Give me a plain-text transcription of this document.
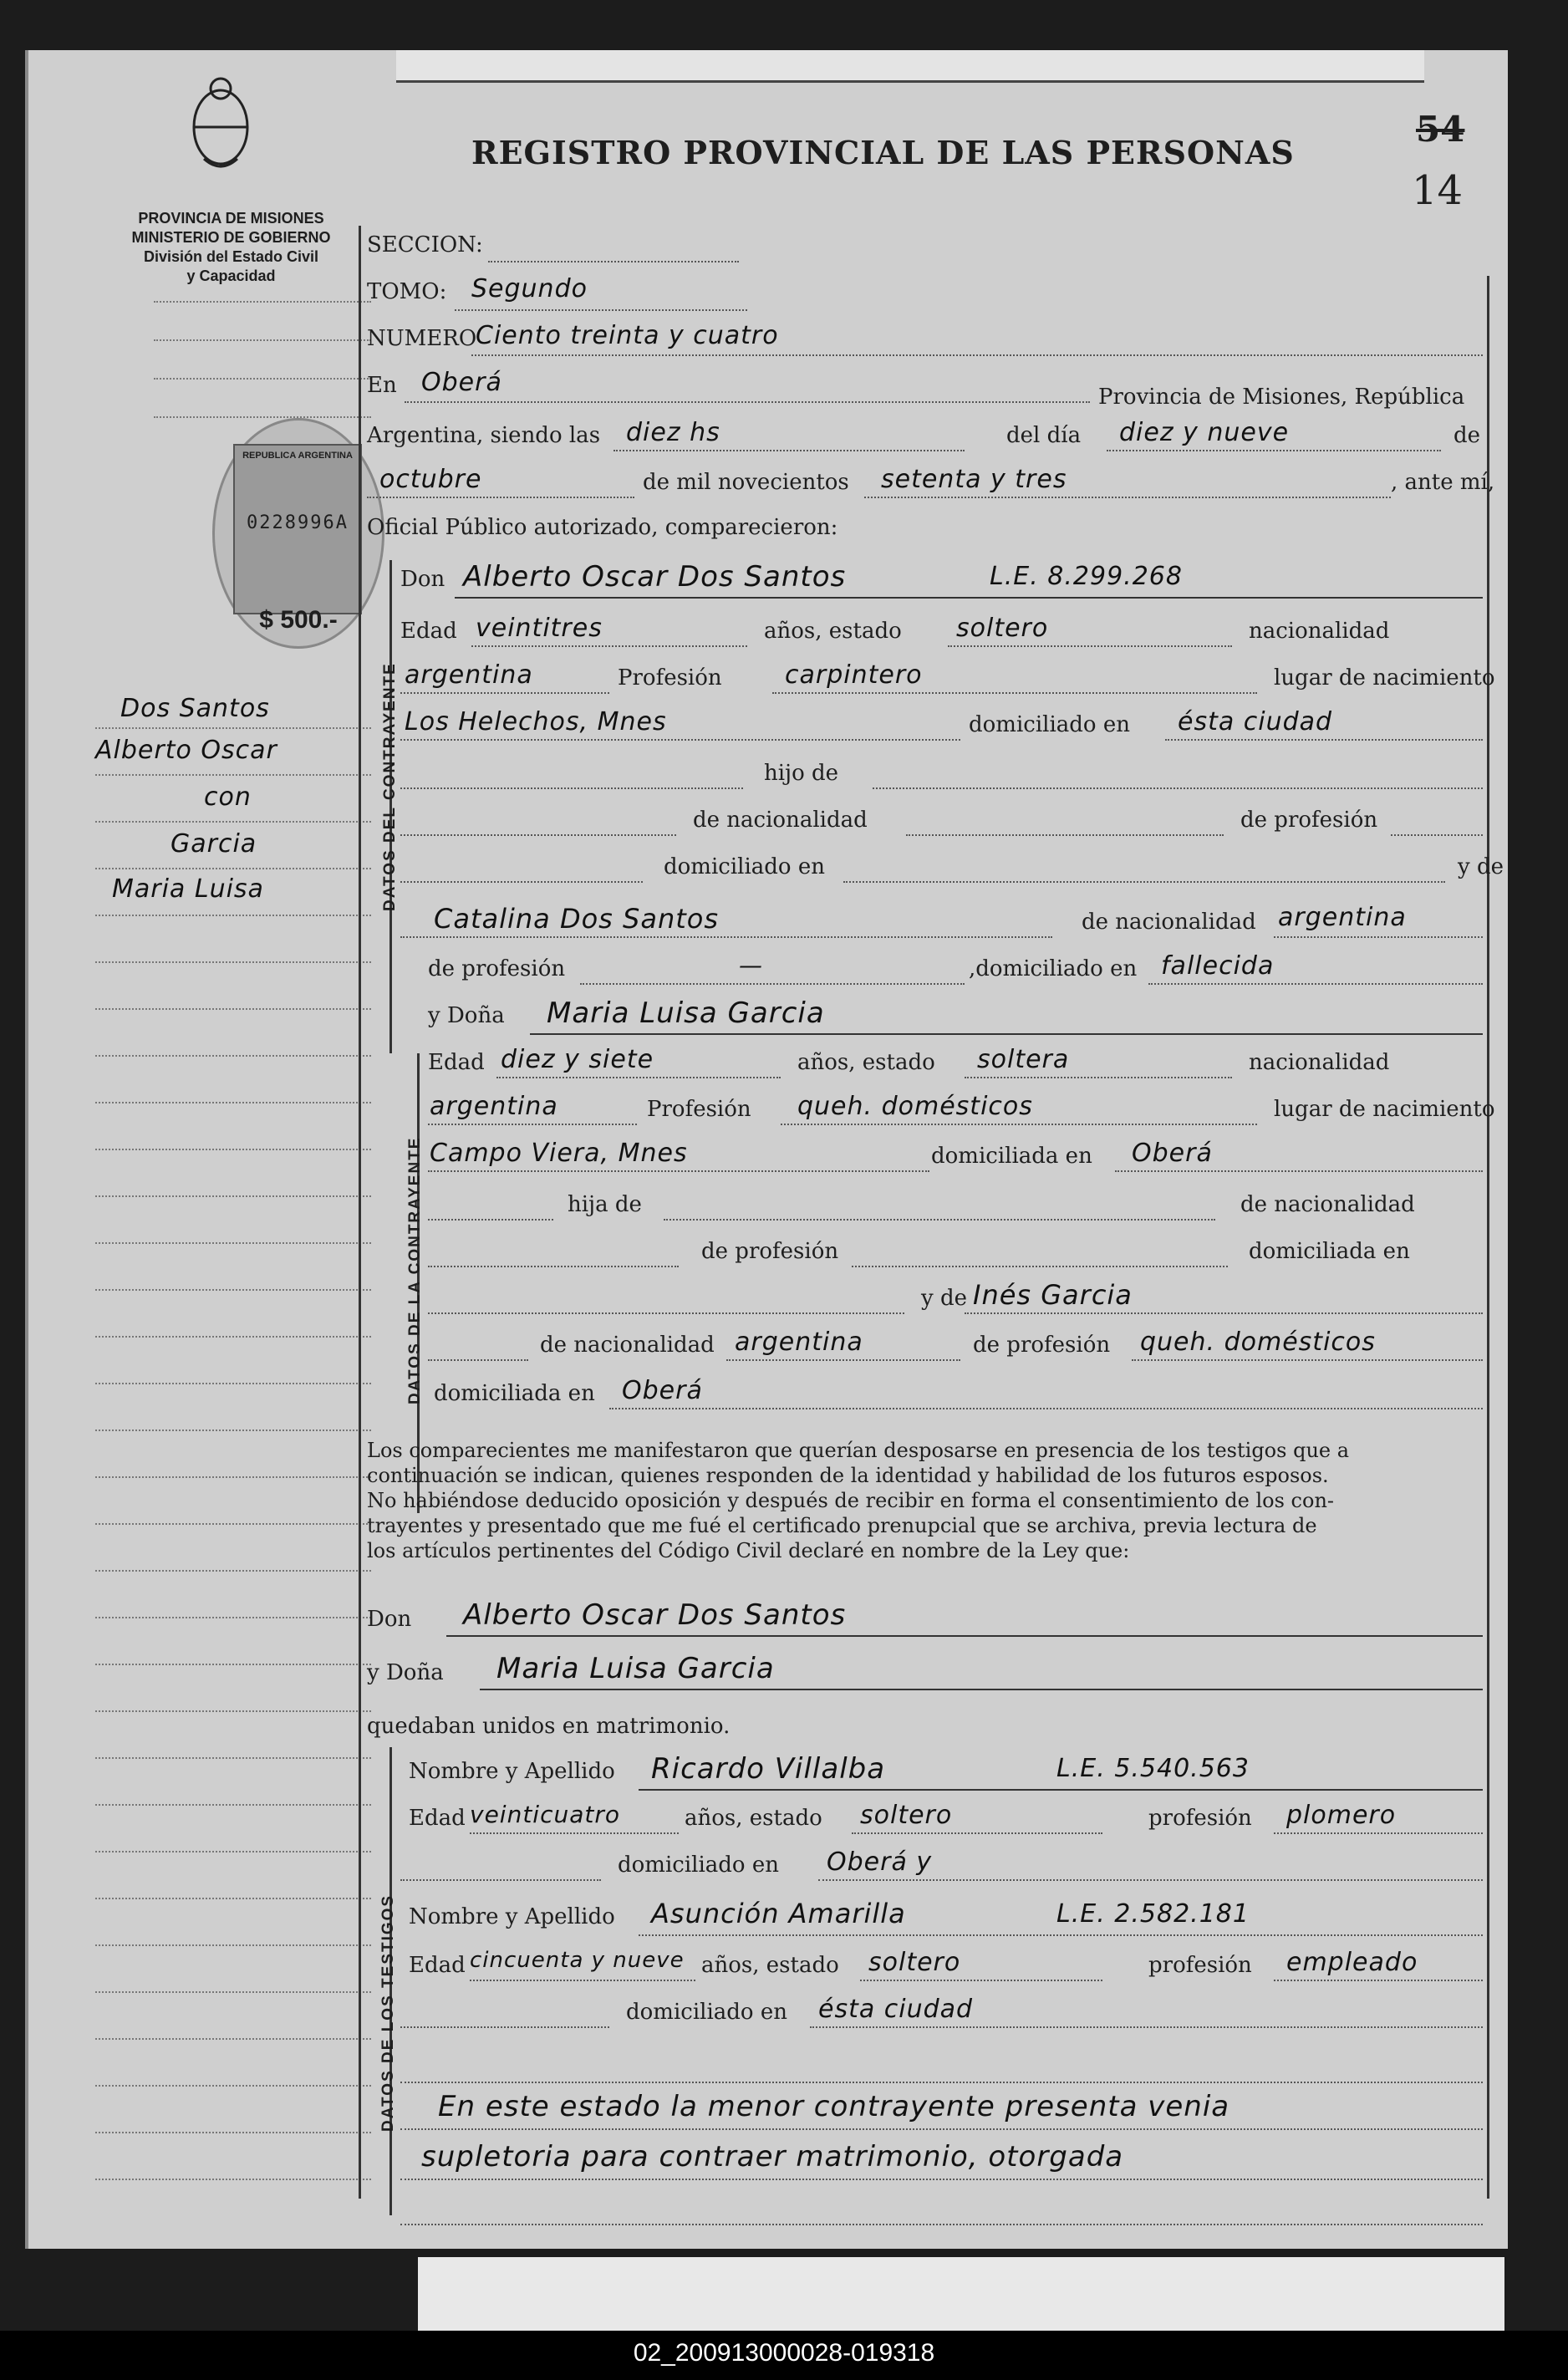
PROVINCIA DE MISIONES
MINISTERIO DE GOBIERNO
División del Estado Civil
y Capacidad
REPUBLICA ARGENTINA
0228996A
$ 500.-
Dos Santos
Alberto Oscar
con
Garcia
Maria Luisa
REGISTRO PROVINCIAL DE LAS PERSONAS
54
14
SECCION:
TOMO: Segundo
NUMERO
Ciento treinta y cuatro
En Oberá	Provincia de Misiones, República
Argentina, siendo las diez hs	del día diez y nueve	de
de mil novecientos
octubre	setenta y tres	, ante mí,
Oficial Público autorizado, comparecieron:
DATOS DEL CONTRAYENTE
Don Alberto Oscar Dos Santos	L.E. 8.299.268
Edad veintitres	años, estado soltero	nacionalidad
argentina	Profesión	carpintero	lugar de nacimiento
Los Helechos, Mnes	domiciliado en ésta ciudad
hijo de
de nacionalidad	de profesión
domiciliado en	y de
Catalina Dos Santos	de nacionalidad argentina
de profesión	—	,domiciliado en fallecida
y Doña Maria Luisa Garcia
DATOS DE LA CONTRAYENTE
Edad diez y siete	años, estado soltera	nacionalidad
argentina	Profesión queh. domésticos	lugar de nacimiento
Campo Viera, Mnes	domiciliada en Oberá
hija de	de nacionalidad
de profesión	domiciliada en
y de Inés Garcia
de nacionalidad argentina	de profesión queh. domésticos
domiciliada en Oberá
Los comparecientes me manifestaron que querían desposarse en presencia de los testigos que a
continuación se indican, quienes responden de la identidad y habilidad de los futuros esposos.
No habiéndose deducido oposición y después de recibir en forma el consentimiento de los con-
trayentes y presentado que me fué el certificado prenupcial que se archiva, previa lectura de
los artículos pertinentes del Código Civil declaré en nombre de la Ley que:
Don Alberto Oscar Dos Santos
y Doña Maria Luisa Garcia
quedaban unidos en matrimonio.
DATOS DE LOS TESTIGOS
Nombre y Apellido Ricardo Villalba	L.E. 5.540.563
Edad veinticuatro	años, estado soltero	profesión plomero
domiciliado en Oberá y
Nombre y Apellido Asunción Amarilla	L.E. 2.582.181
Edad cincuenta y nueve años, estado soltero	profesión empleado
domiciliado en ésta ciudad
En este estado la menor contrayente presenta venia
supletoria para contraer matrimonio, otorgada
02_200913000028-019318
